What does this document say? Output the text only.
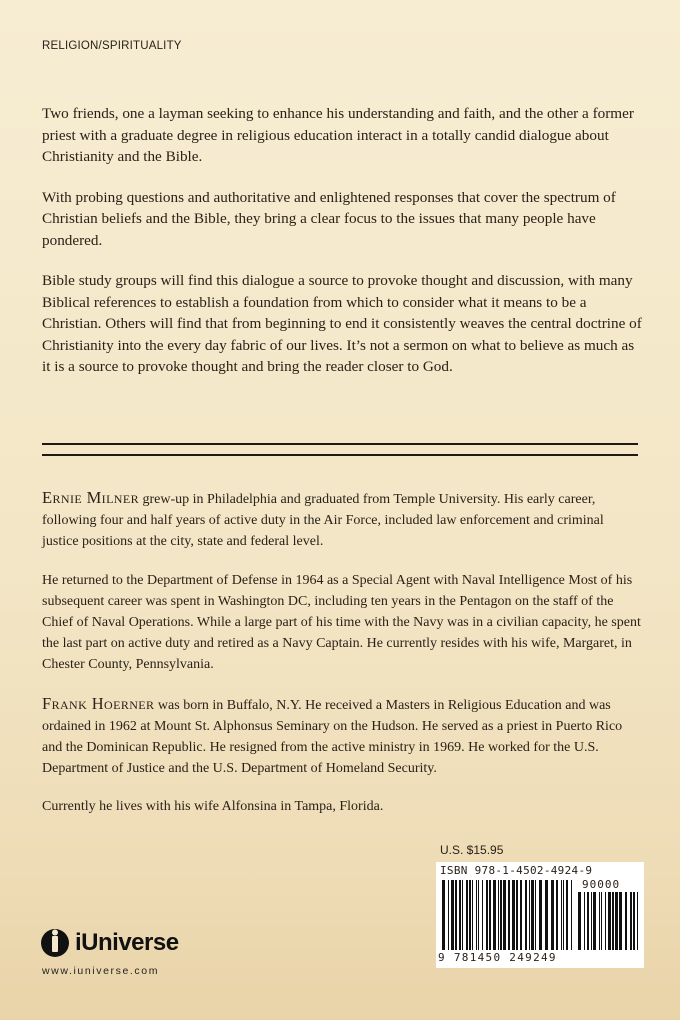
RELIGION/SPIRITUALITY

Two friends, one a layman seeking to enhance his understanding and faith, and the other a former priest with a graduate degree in religious education interact in a totally candid dialogue about Christianity and the Bible.

With probing questions and authoritative and enlightened responses that cover the spectrum of Christian beliefs and the Bible, they bring a clear focus to the issues that many people have pondered.

Bible study groups will find this dialogue a source to provoke thought and discussion, with many Biblical references to establish a foundation from which to consider what it means to be a Christian. Others will find that from beginning to end it consistently weaves the central doctrine of Christianity into the every day fabric of our lives. It’s not a sermon on what to believe as much as it is a source to provoke thought and bring the reader closer to God.

Ernie Milner grew-up in Philadelphia and graduated from Temple University. His early career, following four and half years of active duty in the Air Force, included law enforcement and criminal justice positions at the city, state and federal level.

He returned to the Department of Defense in 1964 as a Special Agent with Naval Intelligence Most of his subsequent career was spent in Washington DC, including ten years in the Pentagon on the staff of the Chief of Naval Operations. While a large part of his time with the Navy was in a civilian capacity, he spent the last part on active duty and retired as a Navy Captain. He currently resides with his wife, Margaret, in Chester County, Pennsylvania.

Frank Hoerner was born in Buffalo, N.Y. He received a Masters in Religious Education and was ordained in 1962 at Mount St. Alphonsus Seminary on the Hudson. He served as a priest in Puerto Rico and the Dominican Republic. He resigned from the active ministry in 1969. He worked for the U.S. Department of Justice and the U.S. Department of Homeland Security.

Currently he lives with his wife Alfonsina in Tampa, Florida.

U.S. $15.95
ISBN 978-1-4502-4924-9
90000
9 781450 249249
iUniverse
www.iuniverse.com
